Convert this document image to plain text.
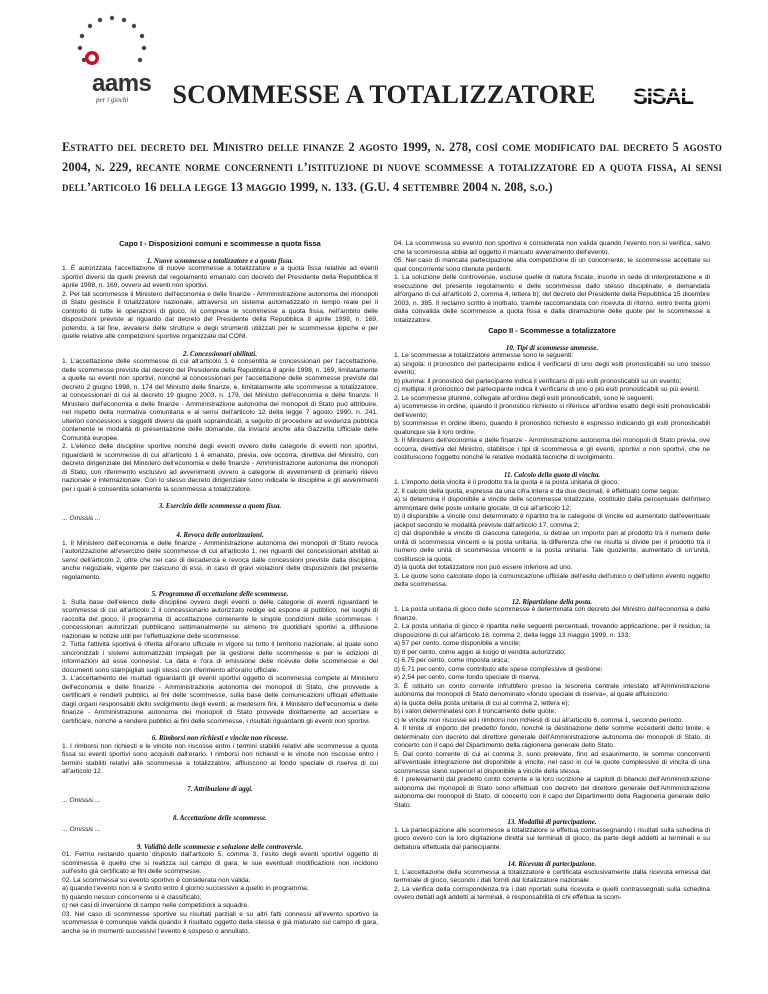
aams
per i giochi	SCOMMESSE A TOTALIZZATORE	SISAL
Estratto del decreto del Ministro delle finanze 2 agosto 1999, n. 278, così come modificato dal decreto 5 agosto 2004, n. 229, recante norme concernenti l’istituzione di nuove scommesse a totalizzatore ed a quota fissa, ai sensi dell’articolo 16 della legge 13 maggio 1999, n. 133. (G.U. 4 settembre 2004 n. 208, s.o.)
Capo I - Disposizioni comuni e scommesse a quota fissa
1. Nuove scommesse a totalizzatore e a quota fissa.
1. È autorizzata l'accettazione di nuove scommesse a totalizzatore e a quota fissa relative ad eventi sportivi diversi da quelli previsti dal regolamento emanato con decreto del Presidente della Repubblica 8 aprile 1998, n. 169, ovvero ad eventi non sportivi.
2. Per tali scommesse il Ministero dell'economia e delle finanze - Amministrazione autonoma dei monopoli di Stato gestisce il totalizzatore nazionale, attraverso un sistema automatizzato in tempo reale per il controllo di tutte le operazioni di gioco, ivi comprese le scommesse a quota fissa, nell'ambito delle disposizioni previste al riguardo dal decreto del Presidente della Repubblica 8 aprile 1998, n. 169, potendo, a tal fine, avvalersi delle strutture e degli strumenti utilizzati per le scommesse ippiche e per quelle relative alle competizioni sportive organizzate dal CONI.
2. Concessionari abilitati.
1. L'accettazione delle scommesse di cui all'articolo 1 è consentita ai concessionari per l'accettazione, delle scommesse previste dal decreto del Presidente della Repubblica 8 aprile 1998, n. 169, limitatamente a quelle su eventi non sportivi, nonché ai concessionari per l'accettazione delle scommesse previste dal decreto 2 giugno 1998, n. 174 del Ministro delle finanze, e, limitatamente alle scommesse a totalizzatore, ai concessionari di cui al decreto 19 giugno 2003, n. 179, del Ministro dell'economia e delle finanze. Il Ministero dell'economia e delle finanze - Amministrazione autonoma dei monopoli di Stato può attribuire, nel rispetto della normativa comunitaria e ai sensi dell'articolo 12 della legge 7 agosto 1990, n. 241, ulteriori concessioni a soggetti diversi da quelli sopraindicati, a seguito di procedure ad evidenza pubblica contenente le modalità di presentazione delle domande, da inviarsi anche alla Gazzetta Ufficiale delle Comunità europee.
2. L'elenco delle discipline sportive nonché degli eventi ovvero delle categorie di eventi non sportivi, riguardanti le scommesse di cui all'articolo 1 è emanato, previa, ove occorra, direttiva del Ministro, con decreto dirigenziale del Ministero dell'economia e delle finanze - Amministrazione autonoma dei monopoli di Stato, con riferimento esclusivo ad avvenimenti ovvero a categorie di avvenimenti di primario rilievo nazionale e internazionale. Con lo stesso decreto dirigenziale sono indicate le discipline e gli avvenimenti per i quali è consentita solamente la scommessa a totalizzatore.
3. Esercizio delle scommesse a quota fissa.
... Omissis ...
4. Revoca delle autorizzazioni.
1. Il Ministero dell'economia e delle finanze - Amministrazione autonoma dei monopoli di Stato revoca l'autorizzazione all'esercizio delle scommesse di cui all'articolo 1, nei riguardi dei concessionari abilitati ai sensi dell'articolo 2, oltre che nei casi di decadenza e revoca dalle concessioni previste dalla disciplina, anche negoziale, vigente per ciascuno di essi, in caso di gravi violazioni delle disposizioni del presente regolamento.
5. Programma di accettazione delle scommesse.
1. Sulla base dell'elenco delle discipline ovvero degli eventi o delle categorie di eventi riguardanti le scommesse di cui all'articolo 2 il concessionario autorizzato redige ed espone al pubblico, nei luoghi di raccolta del gioco, il programma di accettazione contenente le singole condizioni delle scommesse. I concessionari autorizzati pubblicano settimanalmente su almeno tre quotidiani sportivi a diffusione nazionale le notizie utili per l'effettuazione delle scommesse.
2. Tutta l'attività sportiva è riferita all'orario ufficiale in vigore su tutto il territorio nazionale, al quale sono sincronizzati i sistemi automatizzati impiegati per la gestione delle scommesse e per le edizioni di informazioni ad esse connesse. La data e l'ora di emissione delle ricevute delle scommesse e dei documenti sono stampigliati sugli stessi con riferimento all'orario ufficiale.
3. L'accertamento dei risultati riguardanti gli eventi sportivi oggetto di scommessa compete al Ministero dell'economia e delle finanze - Amministrazione autonoma dei monopoli di Stato, che provvede a certificarli e renderli pubblici, ai fini delle scommesse, sulla base delle comunicazioni ufficiali effettuate dagli organi responsabili dello svolgimento degli eventi; ai medesimi fini, il Ministero dell'economia e delle finanze - Amministrazione autonoma dei monopoli di Stato provvede direttamente ad accertare e certificare, nonché a rendere pubblici ai fini delle scommesse, i risultati riguardanti gli eventi non sportivi.
6. Rimborsi non richiesti e vincite non riscosse.
1. I rimborsi non richiesti e le vincite non riscosse entro i termini stabiliti relativi alle scommesse a quota fissa su eventi sportivi sono acquisiti dall'erario. I rimborsi non richiesti e le vincite non riscosse entro i termini stabiliti relativi alle scommesse a totalizzatore, affluiscono al fondo speciale di riserva di cui all'articolo 12.
7. Attribuzione di aggi.
... Omissis ...
8. Accettazione delle scommesse.
... Omissis ...
9. Validità delle scommesse e soluzione delle controversie.
01. Fermo restando quanto disposto dall'articolo 5, comma 3, l'esito degli eventi sportivi oggetto di scommessa è quello che si realizza sul campo di gara; le sue eventuali modificazioni non incidono sull'esito già certificato ai fini delle scommesse.
02. La scommessa su evento sportivo è considerata non valida:
a) quando l'evento non si è svolto entro il giorno successivo a quello in programma;
b) quando nessun concorrente si è classificato;
c) nei casi di inversione di campo nelle competizioni a squadre.
03. Nel caso di scommesse sportive su risultati parziali e su altri fatti connessi all'evento sportivo la scommessa è comunque valida quando il risultato oggetto della stessa è già maturato sul campo di gara, anche se in momenti successivi l'evento è sospeso o annullato.
04. La scommessa su evento non sportivo è considerata non valida quando l'evento non si verifica, salvo che la scommessa abbia ad oggetto il mancato avveramento dell'evento.
05. Nel caso di mancata partecipazione alla competizione di un concorrente, le scommesse accettate su quel concorrente sono ritenute perdenti.
1. La soluzione delle controversie, escluse quelle di natura fiscale, insorte in sede di interpretazione e di esecuzione del presente regolamento e delle scommesse dallo stesso disciplinate, è demandata all'organo di cui all'articolo 2, comma 4, lettera b), del decreto del Presidente della Repubblica 15 dicembre 2003, n. 385. Il reclamo scritto è inoltrato, tramite raccomandata con ricevuta di ritorno, entro trenta giorni dalla convalida delle scommesse a quota fissa e dalla diramazione delle quote per le scommesse a totalizzatore.
Capo II - Scommesse a totalizzatore
10. Tipi di scommesse ammesse.
1. Le scommesse a totalizzatore ammesse sono le seguenti:
a) singola: il pronostico del partecipante indica il verificarsi di uno degli esiti pronosticabili su uno stesso evento;
b) plurima: il pronostico del partecipante indica il verificarsi di più esiti pronosticabili su un evento;
c) multipla: il pronostico del partecipante indica il verificarsi di uno o più esiti pronosticabili su più eventi.
2. Le scommesse plurime, collegate all'ordine degli esiti pronosticabili, sono le seguenti:
a) scommesse in ordine, quando il pronostico richiesto si riferisce all'ordine esatto degli esiti pronosticabili dell'evento;
b) scommesse in ordine libero, quando il pronostico richiesto è espresso indicando gli esiti pronosticabili qualunque sia il loro ordine.
3. Il Ministero dell'economia e delle finanze - Amministrazione autonoma dei monopoli di Stato previa, ove occorra, direttiva del Ministro, stabilisce i tipi di scommessa e gli eventi, sportivi o non sportivi, che ne costituiscono l'oggetto nonché le relative modalità tecniche di svolgimento.
11. Calcolo della quota di vincita.
1. L'importo della vincita è il prodotto tra la quota e la posta unitaria di gioco.
2. Il calcolo della quota, espressa da una cifra intera e da due decimali, è effettuato come segue:
a) si determina il disponibile a vincite delle scommesse totalizzate, costituito dalla percentuale dell'intero ammontare delle poste unitarie giocate, di cui all'articolo 12;
b) il disponibile a vincite così determinato è ripartito tra le categorie di vincite ed aumentato dall'eventuale jackpot secondo le modalità previste dall'articolo 17, comma 2;
c) dal disponibile a vincite di ciascuna categoria, si detrae un importo pari al prodotto tra il numero delle unità di scommessa vincenti e la posta unitaria; la differenza che ne risulta si divide per il prodotto tra il numero delle unità di scommessa vincenti e la posta unitaria. Tale quoziente, aumentato di un'unità, costituisce la quota;
d) la quota del totalizzatore non può essere inferiore ad uno.
3. Le quote sono calcolate dopo la comunicazione ufficiale dell'esito dell'unico o dell'ultimo evento oggetto della scommessa.
12. Ripartizione della posta.
1. La posta unitaria di gioco delle scommesse è determinata con decreto del Ministro dell'economia e delle finanze.
2. La posta unitaria di gioco è ripartita nelle seguenti percentuali, trovando applicazione, per il residuo, la disposizione di cui all'articolo 16, comma 2, della legge 13 maggio 1999, n. 133:
a) 57 per cento, come disponibile a vincite;
b) 8 per cento, come aggio al luogo di vendita autorizzato;
c) 6,75 per cento, come imposta unica;
d) 5,71 per cento, come contributo alle spese complessive di gestione;
e) 2,54 per cento, come fondo speciale di riserva.
3. È istituito un conto corrente infruttifero presso la tesoreria centrale intestato all'Amministrazione autonoma dei monopoli di Stato denominato «fondo speciale di riserva», al quale affluiscono:
a) la quota della posta unitaria di cui al comma 2, lettera e);
b) i valori determinatesi con il troncamento delle quote;
c) le vincite non riscosse ed i rimborsi non richiesti di cui all'articolo 6, comma 1, secondo periodo.
4. Il limite di importo del predetto fondo, nonché la destinazione delle somme eccedenti detto limite, è determinato con decreto del direttore generale dell'Amministrazione autonoma dei monopoli di Stato, di concerto con il capo del Dipartimento della ragioneria generale dello Stato.
5. Dal conto corrente di cui al comma 3, sono prelevate, fino ad esaurimento, le somme concorrenti all'eventuale integrazione del disponibile a vincite, nel caso in cui le quote complessive di vincita di una scommessa siano superiori al disponibile a vincite della stessa.
6. I prelevamenti dal predetto conto corrente e la loro iscrizione ai capitoli di bilancio dell'Amministrazione autonoma dei monopoli di Stato sono effettuati con decreto del direttore generale dell'Amministrazione autonoma dei monopoli di Stato, di concerto con il capo del Dipartimento della Ragioneria generale dello Stato.
13. Modalità di partecipazione.
1. La partecipazione alle scommesse a totalizzatore si effettua contrassegnando i risultati sulla schedina di gioco ovvero con la loro digitazione diretta sui terminali di gioco, da parte degli addetti ai terminali e su dettatura effettuata dal partecipante.
14. Ricevuta di partecipazione.
1. L'accettazione della scommessa a totalizzatore è certificata esclusivamente dalla ricevuta emessa dal terminale di gioco, secondo i dati forniti dal totalizzatore nazionale.
2. La verifica della corrispondenza tra i dati riportati sulla ricevuta e quelli contrassegnati sulla schedina ovvero dettati agli addetti ai terminali, è responsabilità di chi effettua la scom-
